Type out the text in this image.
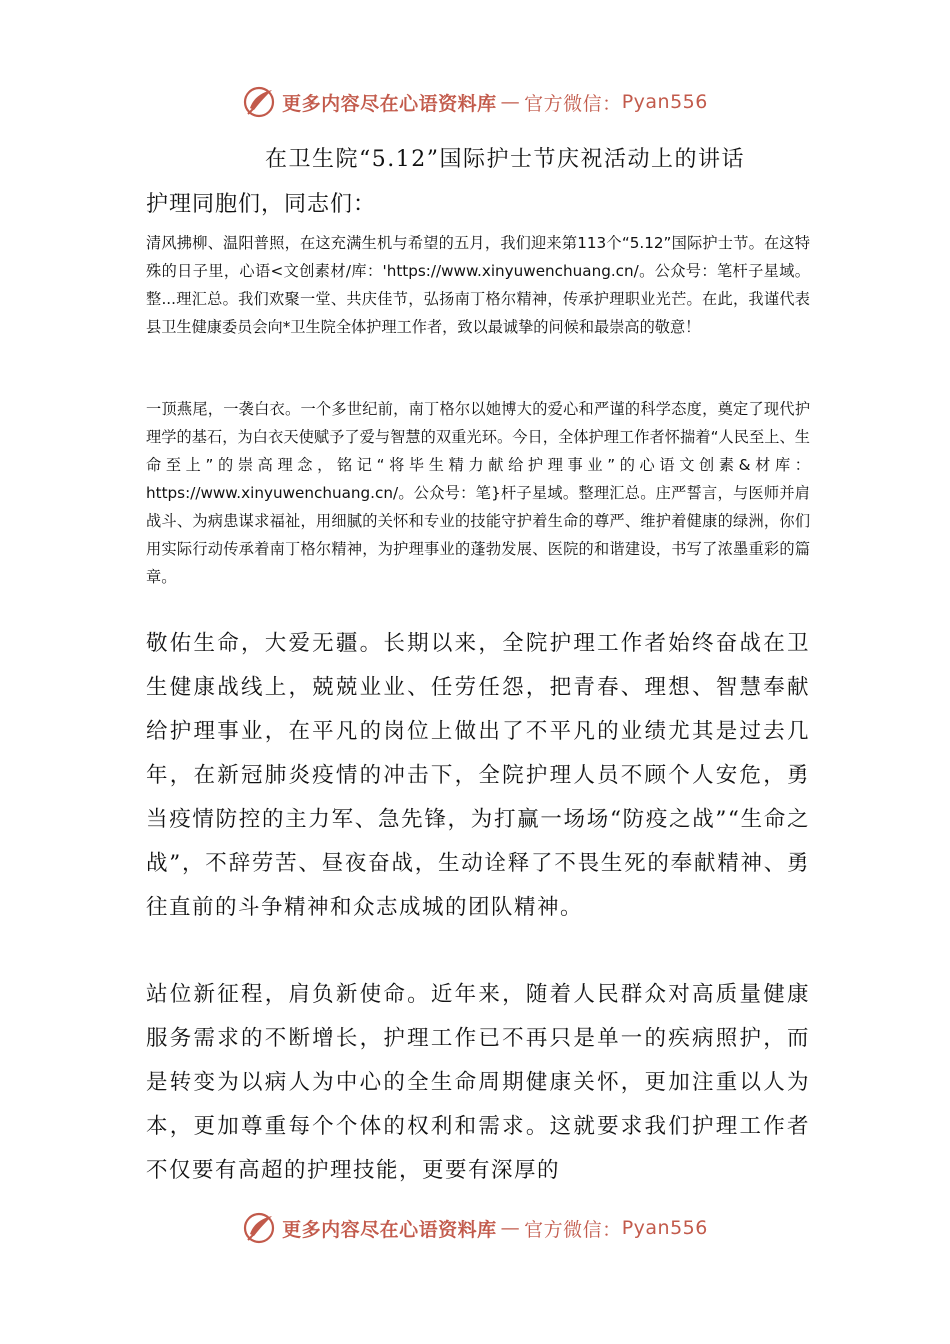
更多内容尽在心语资料库 — 官方微信： Pyan556
在卫生院“5.12”国际护士节庆祝活动上的讲话
护理同胞们，同志们：

清风拂柳、温阳普照，在这充满生机与希望的五月，我们迎来第113个“5.12”国际护士节。在这特殊的日子里，心语<文创素材/库：'https://www.xinyuwenchuang.cn/。公众号：笔杆子星域。整...理汇总。我们欢聚一堂、共庆佳节，弘扬南丁格尔精神，传承护理职业光芒。在此，我谨代表县卫生健康委员会向*卫生院全体护理工作者，致以最诚挚的问候和最崇高的敬意！

一顶燕尾，一袭白衣。一个多世纪前，南丁格尔以她博大的爱心和严谨的科学态度，奠定了现代护理学的基石，为白衣天使赋予了爱与智慧的双重光环。今日，全体护理工作者怀揣着“人民至上、生命至上”的崇高理念，铭记“将毕生精力献给护理事业”的心语文创素&材库：https://www.xinyuwenchuang.cn/。公众号：笔}杆子星域。整理汇总。庄严誓言，与医师并肩战斗、为病患谋求福祉，用细腻的关怀和专业的技能守护着生命的尊严、维护着健康的绿洲，你们用实际行动传承着南丁格尔精神，为护理事业的蓬勃发展、医院的和谐建设，书写了浓墨重彩的篇章。

敬佑生命，大爱无疆。长期以来，全院护理工作者始终奋战在卫生健康战线上，兢兢业业、任劳任怨，把青春、理想、智慧奉献给护理事业，在平凡的岗位上做出了不平凡的业绩尤其是过去几年，在新冠肺炎疫情的冲击下，全院护理人员不顾个人安危，勇当疫情防控的主力军、急先锋，为打赢一场场“防疫之战”“生命之战”，不辞劳苦、昼夜奋战，生动诠释了不畏生死的奉献精神、勇往直前的斗争精神和众志成城的团队精神。

站位新征程，肩负新使命。近年来，随着人民群众对高质量健康服务需求的不断增长，护理工作已不再只是单一的疾病照护，而是转变为以病人为中心的全生命周期健康关怀，更加注重以人为本，更加尊重每个个体的权利和需求。这就要求我们护理工作者不仅要有高超的护理技能，更要有深厚的

更多内容尽在心语资料库 — 官方微信： Pyan556
